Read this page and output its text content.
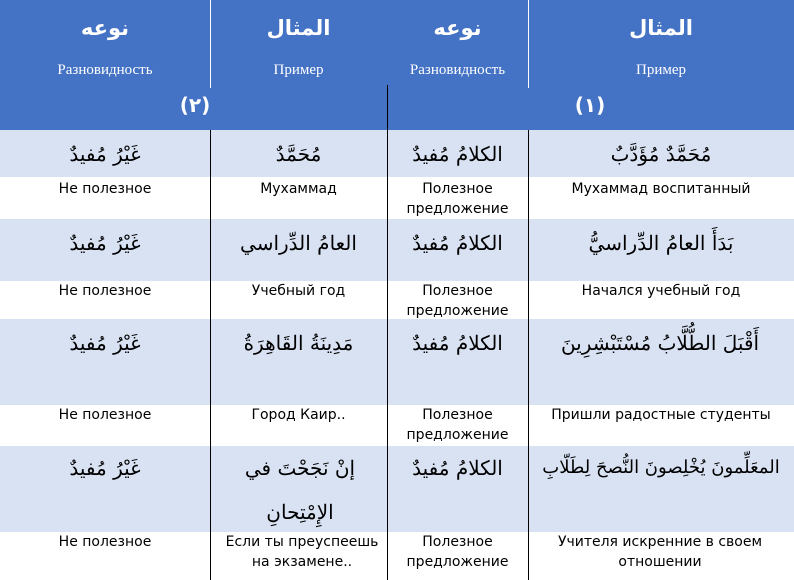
المثال
Пример
(١)
نوعه
Разновидность
المثال
Пример
(٢)
نوعه
Разновидность
مُحَمَّدٌ مُؤَدَّبٌ
الكلامُ مُفيدٌ
مُحَمَّدٌ
غَيْرُ مُفيدٌ
Мухаммад воспитанный
Полезное предложение
Мухаммад
Не полезное
بَدَأَ العامُ الدِّراسيُّ
الكلامُ مُفيدٌ
العامُ الدِّراسي
غَيْرُ مُفيدٌ
Начался учебный год
Полезное предложение
Учебный год
Не полезное
أَقْبَلَ الطُّلَّابُ مُسْتَبْشِرِينَ
الكلامُ مُفيدٌ
مَدِينَةُ القَاهِرَةُ
غَيْرُ مُفيدٌ
Пришли радостные студенты
Полезное предложение
Город Каир..
Не полезное
المعَلِّمونَ يُخْلِصونَ النُّصحَ لِطَلّابِ
الكلامُ مُفيدٌ
إنْ نَجَحْتَ في الإِمْتِحانِ
غَيْرُ مُفيدٌ
Учителя искренние в своем отношении
Полезное предложение
Если ты преуспеешь на экзамене..
Не полезное
